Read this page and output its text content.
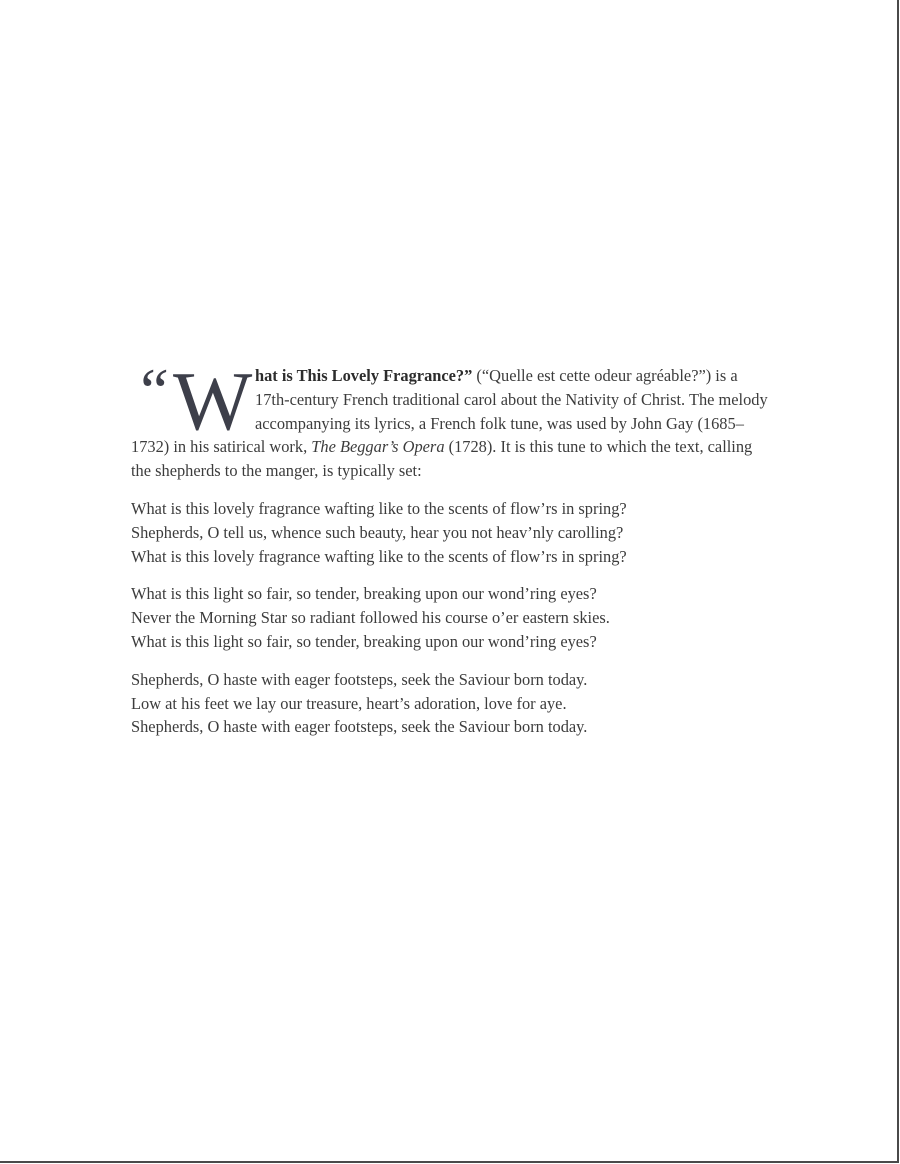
“ W hat is This Lovely Fragrance?” (“Quelle est cette odeur agréable?”) is a 17th-century French traditional carol about the Nativity of Christ. The melody accompanying its lyrics, a French folk tune, was used by John Gay (1685–1732) in his satirical work, The Beggar’s Opera (1728). It is this tune to which the text, calling the shepherds to the manger, is typically set:

What is this lovely fragrance wafting like to the scents of flow’rs in spring?
Shepherds, O tell us, whence such beauty, hear you not heav’nly carolling?
What is this lovely fragrance wafting like to the scents of flow’rs in spring?
What is this light so fair, so tender, breaking upon our wond’ring eyes?
Never the Morning Star so radiant followed his course o’er eastern skies.
What is this light so fair, so tender, breaking upon our wond’ring eyes?
Shepherds, O haste with eager footsteps, seek the Saviour born today.
Low at his feet we lay our treasure, heart’s adoration, love for aye.
Shepherds, O haste with eager footsteps, seek the Saviour born today.
